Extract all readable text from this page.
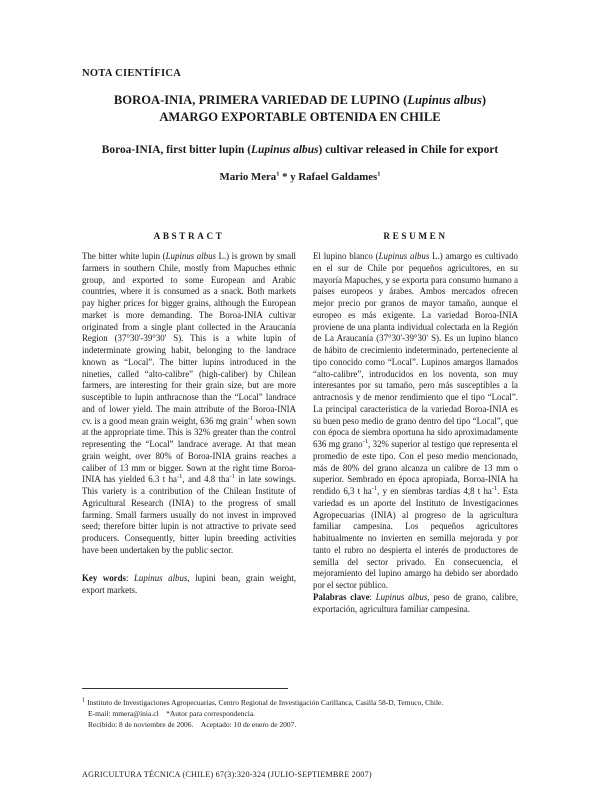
NOTA CIENTÍFICA
BOROA-INIA, PRIMERA VARIEDAD DE LUPINO (Lupinus albus)
AMARGO EXPORTABLE OBTENIDA EN CHILE
Boroa-INIA, first bitter lupin (Lupinus albus) cultivar released in Chile for export
Mario Mera$^1$ * y Rafael Galdames$^1$
ABSTRACT	RESUMEN

The bitter white lupin (Lupinus albus L.) is grown by small farmers in southern Chile, mostly from Mapuches ethnic group, and exported to some European and Arabic countries, where it is consumed as a snack. Both markets pay higher prices for bigger grains, although the European market is more demanding. The Boroa-INIA cultivar originated from a single plant collected in the Araucanía Region (37°30'-39°30' S). This is a white lupin of indeterminate growing habit, belonging to the landrace known as “Local”. The bitter lupins introduced in the nineties, called “alto-calibre” (high-caliber) by Chilean farmers, are interesting for their grain size, but are more susceptible to lupin anthracnose than the “Local” landrace and of lower yield. The main attribute of the Boroa-INIA cv. is a good mean grain weight, 636 mg grain$^{-1}$ when sown at the appropriate time. This is 32% greater than the control representing the “Local” landrace average. At that mean grain weight, over 80% of Boroa-INIA grains reaches a caliber of 13 mm or bigger. Sown at the right time Boroa-INIA has yielded 6.3 t $ha^{-1}$, and 4.8 tha$^{-1}$ in late sowings. This variety is a contribution of the Chilean Institute of Agricultural Research (INIA) to the progress of small farming. Small farmers usually do not invest in improved seed; therefore bitter lupin is not attractive to private seed producers. Consequently, bitter lupin breeding activities have been undertaken by the public sector.

Key words: Lupinus albus, lupini bean, grain weight, export markets.

El lupino blanco (Lupinus albus L.) amargo es cultivado en el sur de Chile por pequeños agricultores, en su mayoría Mapuches, y se exporta para consumo humano a países europeos y árabes. Ambos mercados ofrecen mejor precio por granos de mayor tamaño, aunque el europeo es más exigente. La variedad Boroa-INIA proviene de una planta individual colectada en la Región de La Araucanía (37°30'-39°30' S). Es un lupino blanco de hábito de crecimiento indeterminado, perteneciente al tipo conocido como “Local”. Lupinos amargos llamados “alto-calibre”, introducidos en los noventa, son muy interesantes por su tamaño, pero más susceptibles a la antracnosis y de menor rendimiento que el tipo “Local”. La principal característica de la variedad Boroa-INIA es su buen peso medio de grano dentro del tipo “Local”, que con época de siembra oportuna ha sido aproximadamente 636 mg grano$^{-1}$, 32% superior al testigo que representa el promedio de este tipo. Con el peso medio mencionado, más de 80% del grano alcanza un calibre de 13 mm o superior. Sembrado en época apropiada, Boroa-INIA ha rendido 6,3 t $ha^{-1}$, y en siembras tardías 4,8 t $ha^{-1}$. Esta variedad es un aporte del Instituto de Investigaciones Agropecuarias (INIA) al progreso de la agricultura familiar campesina. Los pequeños agricultores habitualmente no invierten en semilla mejorada y por tanto el rubro no despierta el interés de productores de semilla del sector privado. En consecuencia, el mejoramiento del lupino amargo ha debido ser abordado por el sector público.

Palabras clave: Lupinus albus, peso de grano, calibre, exportación, agricultura familiar campesina.

$^1$ Instituto de Investigaciones Agropecuarias, Centro Regional de Investigación Carillanca, Casilla 58-D, Temuco, Chile.

E-mail: mmera@inia.cl *Autor para correspondencia.

Recibido: 8 de noviembre de 2006. Aceptado: 10 de enero de 2007.

AGRICULTURA TÉCNICA (CHILE) 67(3):320-324 (JULIO-SEPTIEMBRE 2007)
